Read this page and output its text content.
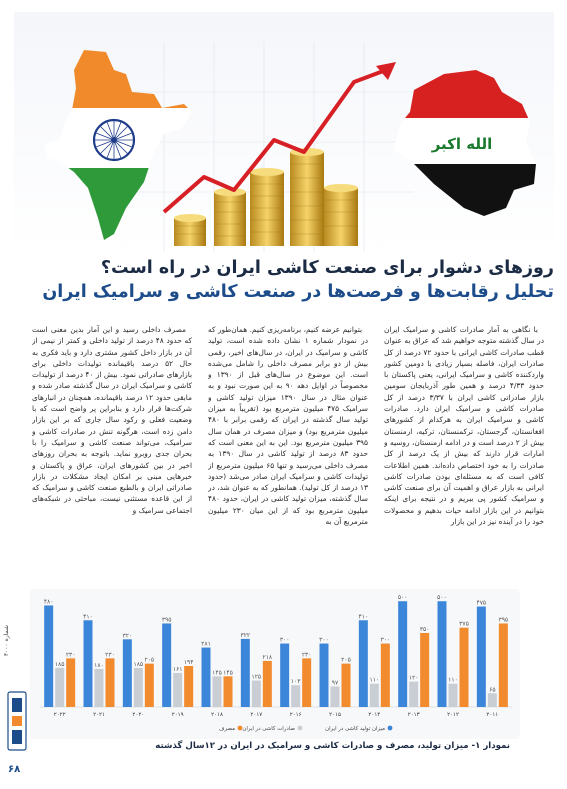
الله اکبر
روزهای دشوار برای صنعت کاشی ایران در راه است؟
تحلیل رقابت‌ها و فرصت‌ها در صنعت کاشی و سرامیک ایران

با نگاهی به آمار صادرات کاشی و سرامیک ایران در سال گذشته متوجه خواهیم شد که عراق به عنوان قطب صادرات کاشی ایرانی با حدود ۷۲ درصد از کل صادرات ایران، فاصله بسیار زیادی با دومین کشور واردکننده کاشی و سرامیک ایرانی، یعنی پاکستان با حدود ۴/۳۳ درصد و همین طور آذربایجان سومین بازار صادراتی کاشی ایران با ۳/۳۷ درصد از کل صادرات کاشی و سرامیک ایران دارد. صادرات کاشی و سرامیک ایران به هرکدام از کشورهای افغانستان، گرجستان، ترکمنستان، ترکیه، ارمنستان بیش از ۲ درصد است و در ادامه ارمنستان، روسیه و امارات قرار دارند که بیش از یک درصد از کل صادرات را به خود اختصاص داده‌اند. همین اطلاعات کافی است که به مسئله‌ای بودن صادرات کاشی ایرانی به بازار عراق و اهمیت آن برای صنعت کاشی و سرامیک کشور پی ببریم و در نتیجه برای اینکه بتوانیم در این بازار ادامه حیات بدهیم و محصولات خود را در آینده نیز در این بازار

بتوانیم عرضه کنیم، برنامه‌ریزی کنیم. همان‌طور که در نمودار شماره ۱ نشان داده شده است، تولید کاشی و سرامیک در ایران، در سال‌های اخیر، رقمی بیش از دو برابر مصرف داخلی را شامل می‌شده است. این موضوع در سال‌های قبل از ۱۳۹۰ و مخصوصاً در اوایل دهه ۹۰ به این صورت نبود و به عنوان مثال در سال ۱۳۹۰ میزان تولید کاشی و سرامیک ۴۷۵ میلیون مترمربع بود (تقریباً به میزان تولید سال گذشته در ایران که رقمی برابر با ۴۸۰ میلیون مترمربع بود) و میزان مصرف در همان سال ۳۹۵ میلیون مترمربع بود. این به این معنی است که حدود ۸۳ درصد از تولید کاشی در سال ۱۳۹۰ به مصرف داخلی می‌رسید و تنها ۶۵ میلیون مترمربع از تولیدات کاشی و سرامیک ایران صادر می‌شد (حدود ۱۳ درصد از کل تولید). همانطور که به عنوان شد، در سال گذشته، میزان تولید کاشی در ایران، حدود ۴۸۰ میلیون مترمربع بود که از این میان ۲۳۰ میلیون مترمربع آن به

مصرف داخلی رسید و این آمار بدین معنی است که حدود ۴۸ درصد از تولید داخلی و کمتر از نیمی از آن در بازار داخل کشور مشتری دارد و باید فکری به حال ۵۲ درصد باقیمانده تولیدات داخلی برای بازارهای صادراتی نمود. بیش از ۴۰ درصد از تولیدات کاشی و سرامیک ایران در سال گذشته صادر شده و مابقی حدود ۱۲ درصد باقیمانده، همچنان در انبارهای شرکت‌ها قرار دارد و بنابراین پر واضح است که با وضعیت فعلی و رکود سال جاری که بر این بازار دامن زده است، هرگونه تنش در صادرات کاشی و سرامیک، می‌تواند صنعت کاشی و سرامیک را با بحران جدی روبرو نماید. باتوجه به بحران روزهای اخیر در بین کشورهای ایران، عراق و پاکستان و خبرهایی مبنی بر امکان ایجاد مشکلات در بازار صادراتی ایران و بالطبع صنعت کاشی و سرامیک که از این قاعده مستثنی نیست، مباحثی در شبکه‌های اجتماعی سرامیک و

۴۷۵
۶۵
۳۹۵
۲۰۱۱
۵۰۰
۱۱۰
۳۷۵
۲۰۱۲
۵۰۰
۱۲۰
۳۵۰
۲۰۱۳
۴۱۰
۱۱۰
۳۰۰
۲۰۱۴
۳۰۰
۹۷
۲۰۵
۲۰۱۵
۳۰۰
۱۰۳
۲۳۰
۲۰۱۶
۳۲۲
۱۲۵
۲۱۸
۲۰۱۷
۲۸۱
۱۴۵ ۱۴۵
۲۰۱۸
۳۹۵
۱۶۱
۱۹۴
۲۰۱۹
۳۲۰
۱۸۵
۲۰۵
۲۰۲۰
۴۱۰
۱۸۰
۲۳۰
۲۰۲۱
۴۸۰
۱۸۵
۲۳۰
۲۰۲۲
میزان تولید کاشی در ایران
صادرات کاشی در ایران
مصرف
نمودار ۱- میزان تولید، مصرف و صادرات کاشی و سرامیک در ایران در ۱۲سال گذشته
شماره ۳۰۰۰
۶۸
